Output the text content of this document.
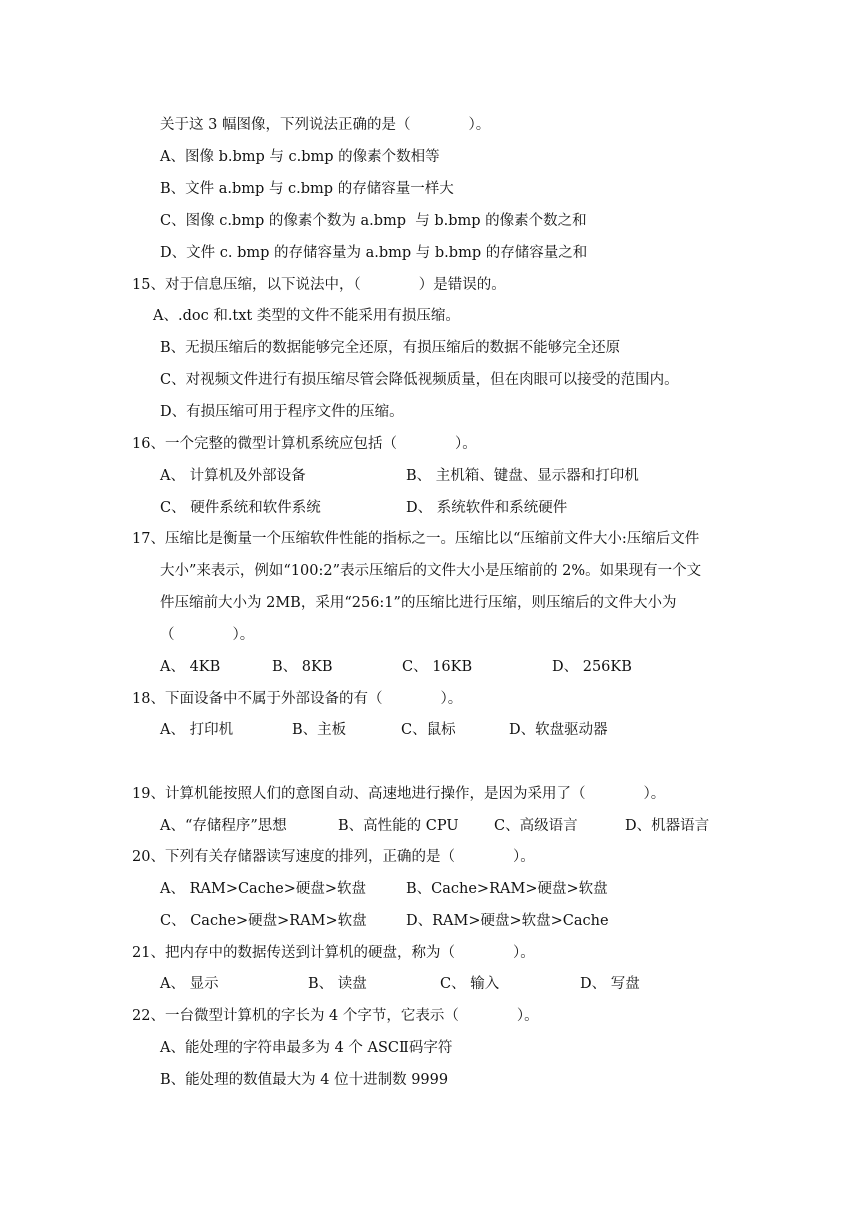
关于这 3 幅图像，下列说法正确的是（　　　　）。
A、图像 b.bmp 与 c.bmp 的像素个数相等
B、文件 a.bmp 与 c.bmp 的存储容量一样大
C、图像 c.bmp 的像素个数为 a.bmp  与 b.bmp 的像素个数之和
D、文件 c. bmp 的存储容量为 a.bmp 与 b.bmp 的存储容量之和
15、对于信息压缩，以下说法中，（　　　　）是错误的。
A、.doc 和.txt 类型的文件不能采用有损压缩。
B、无损压缩后的数据能够完全还原，有损压缩后的数据不能够完全还原
C、对视频文件进行有损压缩尽管会降低视频质量，但在肉眼可以接受的范围内。
D、有损压缩可用于程序文件的压缩。
16、一个完整的微型计算机系统应包括（　　　　）。
A、 计算机及外部设备	B、 主机箱、键盘、显示器和打印机
C、 硬件系统和软件系统	D、 系统软件和系统硬件
17、压缩比是衡量一个压缩软件性能的指标之一。压缩比以“压缩前文件大小:压缩后文件
大小”来表示，例如“100:2”表示压缩后的文件大小是压缩前的 2%。如果现有一个文
件压缩前大小为 2MB，采用“256:1”的压缩比进行压缩，则压缩后的文件大小为
（　　　　）。
A、 4KB	B、 8KB	C、 16KB	D、 256KB
18、下面设备中不属于外部设备的有（　　　　）。
A、 打印机	B、主板	C、鼠标	D、软盘驱动器
19、计算机能按照人们的意图自动、高速地进行操作，是因为采用了（　　　　）。
A、“存储程序”思想	B、高性能的 CPU C、高级语言	D、机器语言
20、下列有关存储器读写速度的排列，正确的是（　　　　）。
A、 RAM>Cache>硬盘>软盘	B、Cache>RAM>硬盘>软盘
C、 Cache>硬盘>RAM>软盘	D、RAM>硬盘>软盘>Cache
21、把内存中的数据传送到计算机的硬盘，称为（　　　　）。
A、 显示	B、 读盘	C、 输入	D、 写盘
22、一台微型计算机的字长为 4 个字节，它表示（　　　　）。
A、能处理的字符串最多为 4 个 ASCⅡ码字符
B、能处理的数值最大为 4 位十进制数 9999
